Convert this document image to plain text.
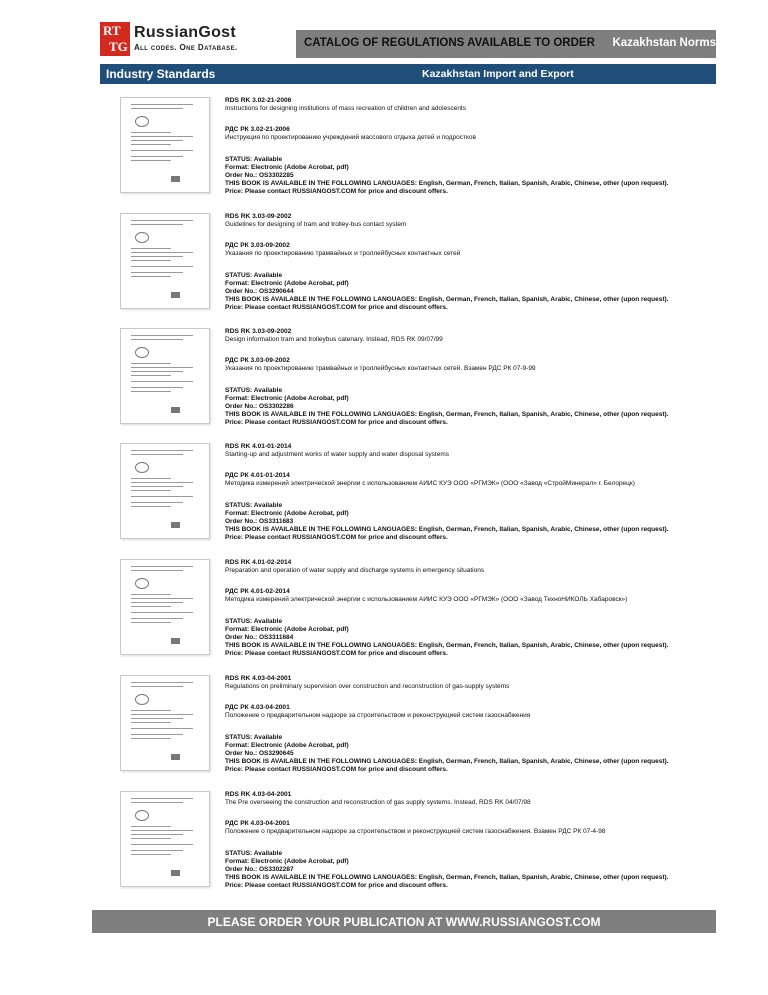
RT
TG
RussianGost
All codes. One Database.	CATALOG OF REGULATIONS AVAILABLE TO ORDER Kazakhstan Norms
Industry Standards	Kazakhstan Import and Export
RDS RK 3.02-21-2006
Instructions for designing institutions of mass recreation of children and adolescents
РДС РК 3.02-21-2006
Инструкция по проектированию учреждений массового отдыха детей и подростков
STATUS: Available
Format: Electronic (Adobe Acrobat, pdf)
Order No.: OS3302285
THIS BOOK IS AVAILABLE IN THE FOLLOWING LANGUAGES: English, German, French, Italian, Spanish, Arabic, Chinese, other (upon request).
Price: Please contact RUSSIANGOST.COM for price and discount offers.
RDS RK 3.03-09-2002
Guidelines for designing of tram and trolley-bus contact system
РДС РК 3.03-09-2002
Указания по проектированию трамвайных и троллейбусных контактных сетей
STATUS: Available
Format: Electronic (Adobe Acrobat, pdf)
Order No.: OS3290644
THIS BOOK IS AVAILABLE IN THE FOLLOWING LANGUAGES: English, German, French, Italian, Spanish, Arabic, Chinese, other (upon request).
Price: Please contact RUSSIANGOST.COM for price and discount offers.
RDS RK 3.03-09-2002
Design information tram and trolleybus catenary. Instead, RDS RK 09/07/99
РДС РК 3.03-09-2002
Указания по проектированию трамвайных и троллейбусных контактных сетей. Взамен РДС РК 07-9-99
STATUS: Available
Format: Electronic (Adobe Acrobat, pdf)
Order No.: OS3302286
THIS BOOK IS AVAILABLE IN THE FOLLOWING LANGUAGES: English, German, French, Italian, Spanish, Arabic, Chinese, other (upon request).
Price: Please contact RUSSIANGOST.COM for price and discount offers.
RDS RK 4.01-01-2014
Starting-up and adjustment works of water supply and water disposal systems
РДС РК 4.01-01-2014
Методика измерений электрической энергии с использованием АИИС КУЭ ООО «РГМЭК» (ООО «Завод «СтройМинерал» г. Белорецк)
STATUS: Available
Format: Electronic (Adobe Acrobat, pdf)
Order No.: OS3311683
THIS BOOK IS AVAILABLE IN THE FOLLOWING LANGUAGES: English, German, French, Italian, Spanish, Arabic, Chinese, other (upon request).
Price: Please contact RUSSIANGOST.COM for price and discount offers.
RDS RK 4.01-02-2014
Preparation and operation of water supply and discharge systems in emergency situations
РДС РК 4.01-02-2014
Методика измерений электрической энергии с использованием АИИС КУЭ ООО «РГМЭК» (ООО «Завод ТехноНИКОЛЬ Хабаровск»)
STATUS: Available
Format: Electronic (Adobe Acrobat, pdf)
Order No.: OS3311684
THIS BOOK IS AVAILABLE IN THE FOLLOWING LANGUAGES: English, German, French, Italian, Spanish, Arabic, Chinese, other (upon request).
Price: Please contact RUSSIANGOST.COM for price and discount offers.
RDS RK 4.03-04-2001
Regulations on preliminary supervision over construction and reconstruction of gas-supply systems
РДС РК 4.03-04-2001
Положение о предварительном надзоре за строительством и реконструкцией систем газоснабжения
STATUS: Available
Format: Electronic (Adobe Acrobat, pdf)
Order No.: OS3290645
THIS BOOK IS AVAILABLE IN THE FOLLOWING LANGUAGES: English, German, French, Italian, Spanish, Arabic, Chinese, other (upon request).
Price: Please contact RUSSIANGOST.COM for price and discount offers.
RDS RK 4.03-04-2001
The Pre overseeing the construction and reconstruction of gas supply systems. Instead, RDS RK 04/07/98
РДС РК 4.03-04-2001
Положение о предварительном надзоре за строительством и реконструкцией систем газоснабжения. Взамен РДС РК 07-4-98
STATUS: Available
Format: Electronic (Adobe Acrobat, pdf)
Order No.: OS3302287
THIS BOOK IS AVAILABLE IN THE FOLLOWING LANGUAGES: English, German, French, Italian, Spanish, Arabic, Chinese, other (upon request).
Price: Please contact RUSSIANGOST.COM for price and discount offers.
PLEASE ORDER YOUR PUBLICATION AT WWW.RUSSIANGOST.COM
